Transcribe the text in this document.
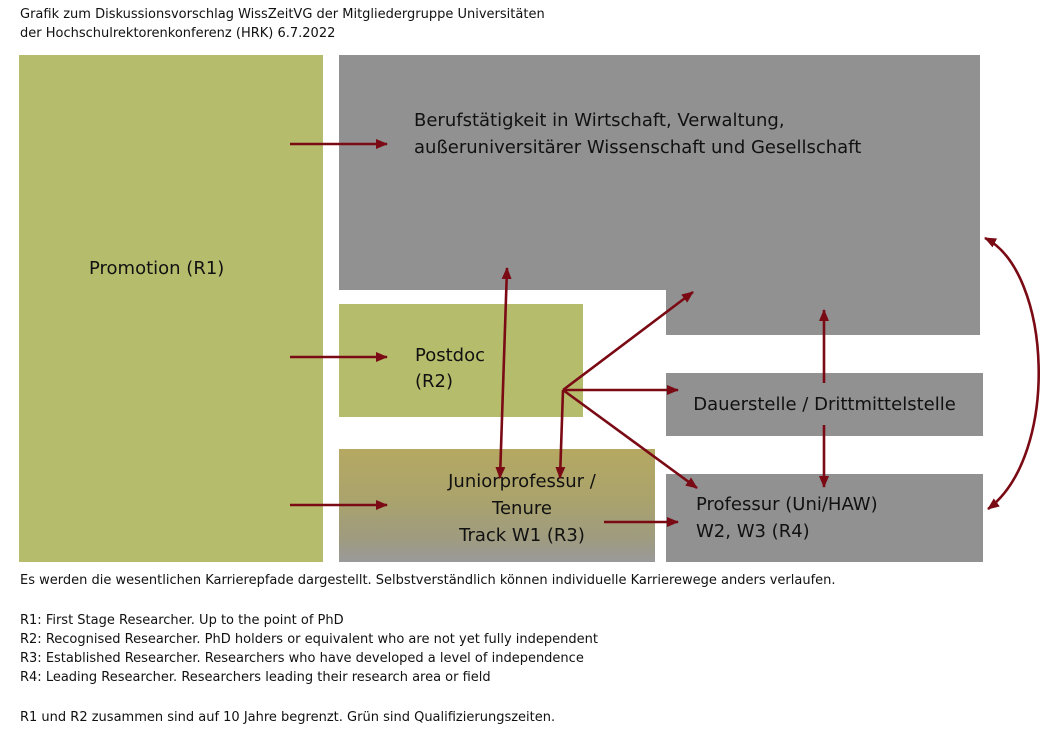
Grafik zum Diskussionsvorschlag WissZeitVG der Mitgliedergruppe Universitäten
der Hochschulrektorenkonferenz (HRK) 6.7.2022
Promotion (R1)
Berufstätigkeit in Wirtschaft, Verwaltung,
außeruniversitärer Wissenschaft und Gesellschaft
Postdoc
(R2)
Juniorprofessur /
Tenure
Track W1 (R3)
Dauerstelle / Drittmittelstelle
Professur (Uni/HAW)
W2, W3 (R4)
Es werden die wesentlichen Karrierepfade dargestellt. Selbstverständlich können individuelle Karrierewege anders verlaufen.
R1: First Stage Researcher. Up to the point of PhD
R2: Recognised Researcher. PhD holders or equivalent who are not yet fully independent
R3: Established Researcher. Researchers who have developed a level of independence
R4: Leading Researcher. Researchers leading their research area or field
R1 und R2 zusammen sind auf 10 Jahre begrenzt. Grün sind Qualifizierungszeiten.
